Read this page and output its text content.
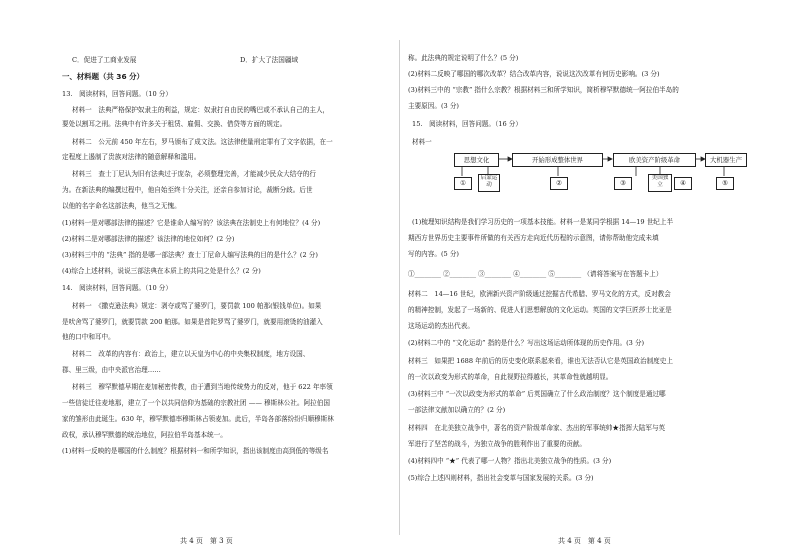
C．促进了工商业发展	D．扩大了法国疆域
一、材料题（共 36 分）
13.　阅读材料，回答问题。（10 分）
材料一　法典严格保护奴隶主的利益，规定：奴隶打自由民的嘴巴或不承认自己的主人，
要处以割耳之刑。法典中有许多关于租赁、雇佣、交换、借贷等方面的规定。
材料二　公元前 450 年左右，罗马颁布了成文法。这法律使量刑定罪有了文字依据，在一
定程度上遏制了贵族对法律的随意解释和滥用。
材料三　查士丁尼认为旧有法典过于庞杂，必须整理完善，才能减少民众大结夺的行
为。在新法典的编撰过程中，他自始至终十分关注，还亲自参加讨论，裁断分歧。后世
以他的名字命名这部法典，他当之无愧。
(1)材料一是对哪部法律的描述？它是谁命人编写的？该法典在法制史上有何地位？(4 分)
(2)材料二是对哪部法律的描述？该法律的地位如何？(2 分)
(3)材料三中的 “法典” 指的是哪一部法典？查士丁尼命人编写法典的目的是什么？(2 分)
(4)综合上述材料，说说三部法典在本质上的共同之处是什么？(2 分)
14.　阅读材料，回答问题。（10 分）
材料一　《撒克逊法典》规定：剥夺或骂了婆罗门，要罚款 100 帕那(银钱单位)。如果
是吠舍骂了婆罗门，就要罚款 200 帕那。如果是首陀罗骂了婆罗门，就要用滚烫的油灌入
他的口中和耳中。
材料二　改革的内容有：政治上，建立以天皇为中心的中央集权制度，地方设国、
郡、里三级，由中央派官治理……
材料三　穆罕默德早期在麦加秘密传教，由于遭到当地传统势力的反对，他于 622 年率领
一些信徒迁往麦地那，建立了一个以共同信仰为基础的宗教社团 —— 穆斯林公社。阿拉伯国
家的雏形由此诞生。630 年，穆罕默德率穆斯林占领麦加。此后，半岛各部落纷纷归顺穆斯林
政权，承认穆罕默德的统治地位，阿拉伯半岛基本统一。
(1)材料一反映的是哪国的什么制度？根据材料一和所学知识，指出该制度由高到低的等级名
共 4 页　第 3 页
称。此法典的规定说明了什么？(5 分)
(2)材料二反映了哪国的哪次改革？结合改革内容，说说这次改革有何历史影响。(3 分)
(3)材料三中的 “宗教” 指什么宗教？根据材料三和所学知识，简析穆罕默德统一阿拉伯半岛的
主要原因。(3 分)
15.　阅读材料，回答问题。（16 分）
材料一
思想文化	开始形成整体世界	欧美资产阶级革命	大机器生产
①
启蒙运动	②	③
美国独立	④	⑤
(1)梳理知识结构是我们学习历史的一项基本技能。材料一是某同学根据 14—19 世纪上半
期西方世界历史主要事件所做的有关西方走向近代历程的示意图，请你帮助他完成未填
写的内容。(5 分)
①________ ②________ ③________ ④________ ⑤________ （请将答案写在答题卡上）
材料二　14—16 世纪，欧洲新兴资产阶级通过挖掘古代希腊、罗马文化的方式，反对教会
的精神控制，发起了一场新的、促进人们思想解放的文化运动。英国的文学巨匠莎士比亚是
这场运动的杰出代表。
(2)材料二中的 “文化运动” 指的是什么？写出这场运动所体现的历史作用。(3 分)
材料三　如果把 1688 年前后的历史变化联系起来看，谁也无法否认它是英国政治制度史上
的一次以政变为形式的革命，自此视野拉得越长，其革命性就越明显。
(3)材料三中 “一次以政变为形式的革命” 后英国确立了什么政治制度？这个制度是通过哪
一部法律文献加以确立的？(2 分)
材料四　在北美独立战争中，著名的资产阶级革命家、杰出的军事统帅★指挥大陆军与英
军进行了坚苦的战斗，为独立战争的胜利作出了重要的贡献。
(4)材料四中 “★” 代表了哪一人物？指出北美独立战争的性质。(3 分)
(5)综合上述四则材料，指出社会变革与国家发展的关系。(3 分)
共 4 页　第 4 页
